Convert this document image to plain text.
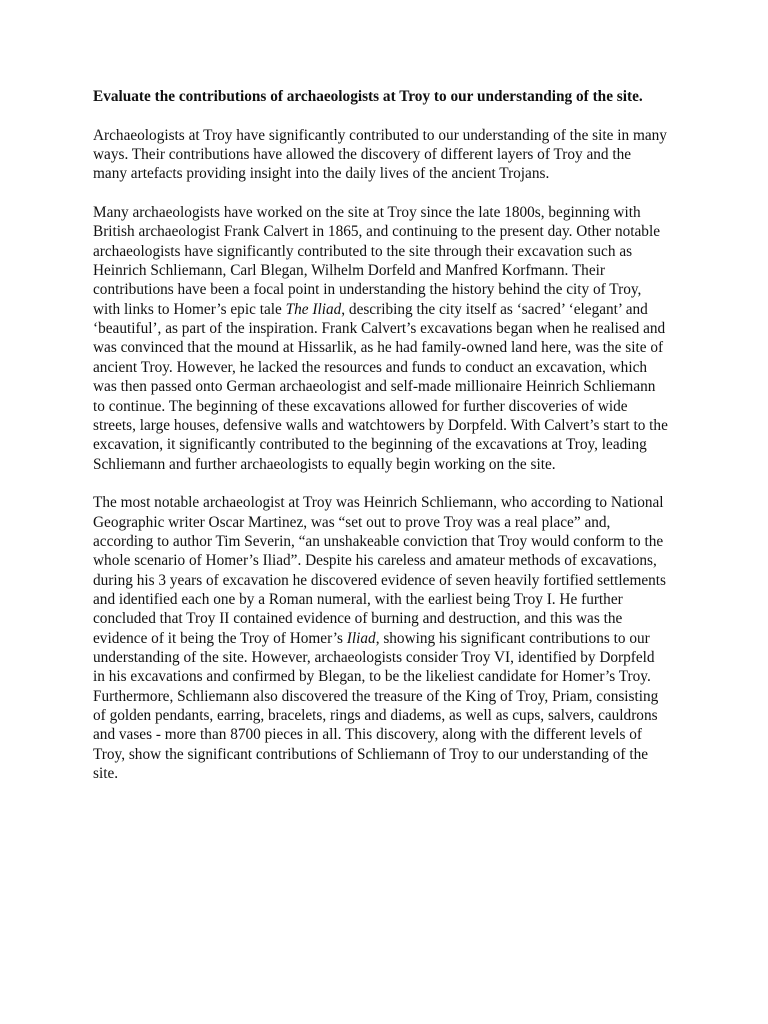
Evaluate the contributions of archaeologists at Troy to our understanding of the site.

Archaeologists at Troy have significantly contributed to our understanding of the site in many
ways. Their contributions have allowed the discovery of different layers of Troy and the
many artefacts providing insight into the daily lives of the ancient Trojans.

Many archaeologists have worked on the site at Troy since the late 1800s, beginning with
British archaeologist Frank Calvert in 1865, and continuing to the present day. Other notable
archaeologists have significantly contributed to the site through their excavation such as
Heinrich Schliemann, Carl Blegan, Wilhelm Dorfeld and Manfred Korfmann. Their
contributions have been a focal point in understanding the history behind the city of Troy,
with links to Homer’s epic tale The Iliad, describing the city itself as ‘sacred’ ‘elegant’ and
‘beautiful’, as part of the inspiration. Frank Calvert’s excavations began when he realised and
was convinced that the mound at Hissarlik, as he had family-owned land here, was the site of
ancient Troy. However, he lacked the resources and funds to conduct an excavation, which
was then passed onto German archaeologist and self-made millionaire Heinrich Schliemann
to continue. The beginning of these excavations allowed for further discoveries of wide
streets, large houses, defensive walls and watchtowers by Dorpfeld. With Calvert’s start to the
excavation, it significantly contributed to the beginning of the excavations at Troy, leading
Schliemann and further archaeologists to equally begin working on the site.

The most notable archaeologist at Troy was Heinrich Schliemann, who according to National
Geographic writer Oscar Martinez, was “set out to prove Troy was a real place” and,
according to author Tim Severin, “an unshakeable conviction that Troy would conform to the
whole scenario of Homer’s Iliad”. Despite his careless and amateur methods of excavations,
during his 3 years of excavation he discovered evidence of seven heavily fortified settlements
and identified each one by a Roman numeral, with the earliest being Troy I. He further
concluded that Troy II contained evidence of burning and destruction, and this was the
evidence of it being the Troy of Homer’s Iliad, showing his significant contributions to our
understanding of the site. However, archaeologists consider Troy VI, identified by Dorpfeld
in his excavations and confirmed by Blegan, to be the likeliest candidate for Homer’s Troy.
Furthermore, Schliemann also discovered the treasure of the King of Troy, Priam, consisting
of golden pendants, earring, bracelets, rings and diadems, as well as cups, salvers, cauldrons
and vases - more than 8700 pieces in all. This discovery, along with the different levels of
Troy, show the significant contributions of Schliemann of Troy to our understanding of the
site.
